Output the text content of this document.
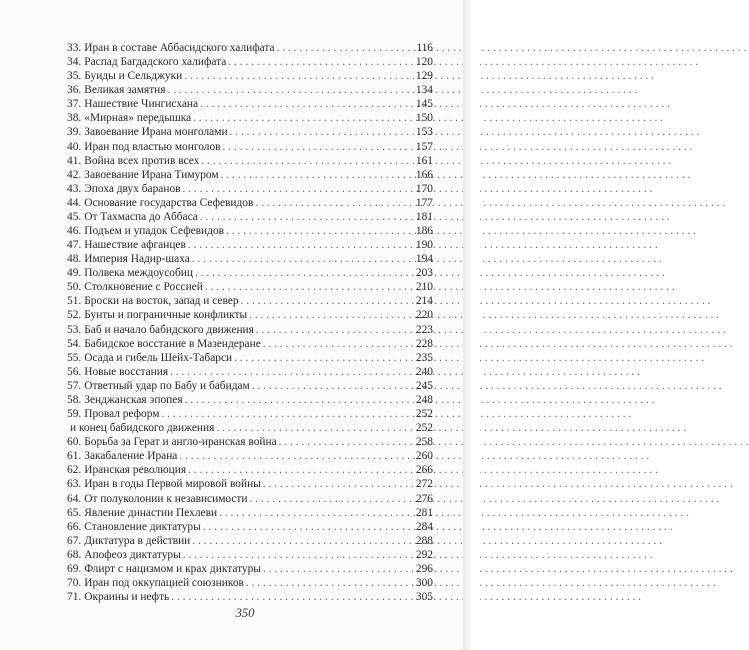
33. Иран в составе Аббасидского халифата . . .	116
34. Распад Багдадского халифата . . .	120
35. Буиды и Сельджуки . . .	129
36. Великая замятня . . .	134
37. Нашествие Чингисхана . . .	145
38. «Мирная» передышка . . .	150
39. Завоевание Ирана монголами . . .	153
40. Иран под властью монголов . . .	157
41. Война всех против всех . . .	161
42. Завоевание Ирана Тимуром . . .	166
43. Эпоха двух баранов . . .	170
44. Основание государства Сефевидов . . .	177
45. От Тахмаспа до Аббаса . . .	181
46. Подъем и упадок Сефевидов . . .	186
47. Нашествие афганцев . . .	190
48. Империя Надир-шаха . . .	194
49. Полвека междоусобиц . . .	203
50. Столкновение с Россией . . .	210
51. Броски на восток, запад и север . . .	214
52. Бунты и пограничные конфликты . . .	220
53. Баб и начало бабидского движения . . .	223
54. Бабидское восстание в Мазендеране . . .	228
55. Осада и гибель Шейх-Табарси . . .	235
56. Новые восстания . . .	240
57. Ответный удар по Бабу и бабидам . . .	245
58. Зенджанская эпопея . . .	248
59. Провал реформ . . .	252
и конец бабидского движения . . .	252
60. Борьба за Герат и англо-иранская война . . .	258
61. Закабаление Ирана . . .	260
62. Иранская революция . . .	266
63. Иран в годы Первой мировой войны . . .	272
64. От полуколонии к независимости . . .	276
65. Явление династии Пехлеви . . .	281
66. Становление диктатуры . . .	284
67. Диктатура в действии . . .	288
68. Апофеоз диктатуры . . .	292
69. Флирт с нацизмом и крах диктатуры . . .	296
70. Иран под оккупацией союзников . . .	300
71. Окраины и нефть . . .	305
350
